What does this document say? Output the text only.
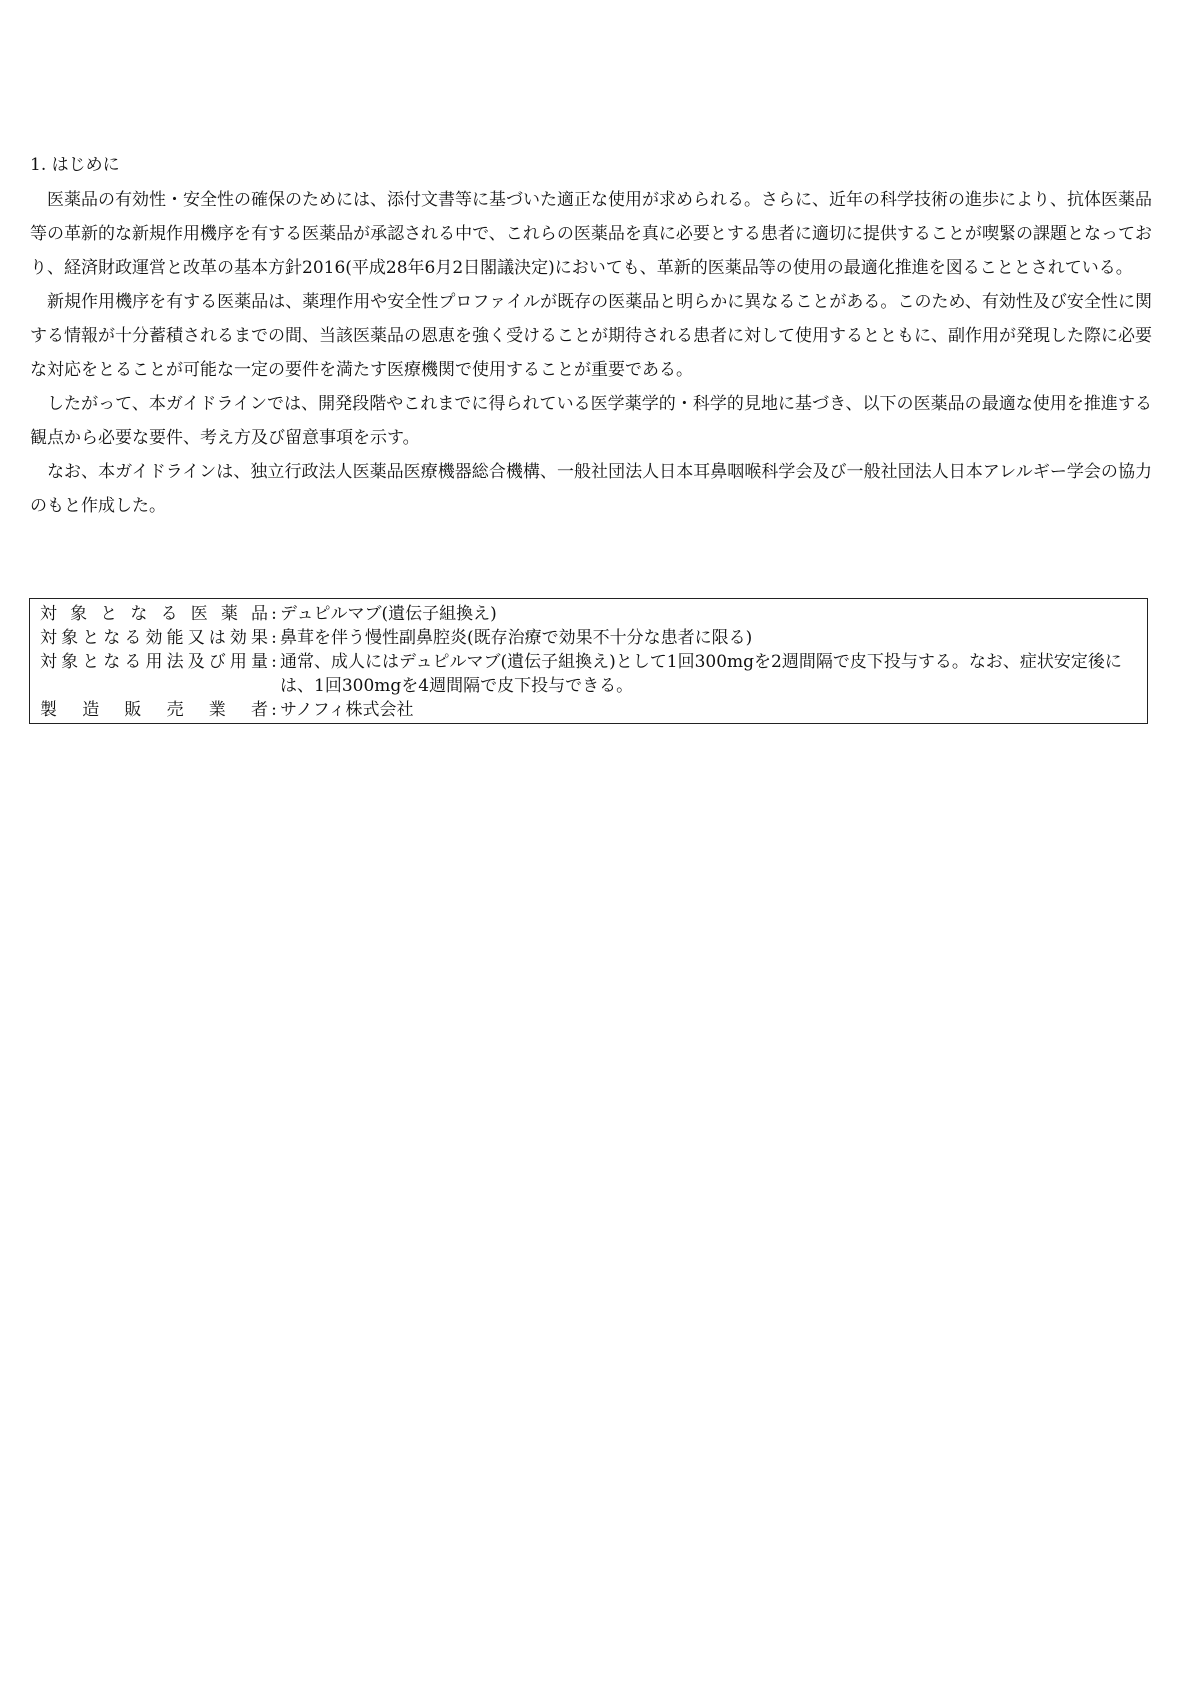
1. はじめに

医薬品の有効性・安全性の確保のためには、添付文書等に基づいた適正な使用が求められる。さらに、近年の科学技術の進歩により、抗体医薬品等の革新的な新規作用機序を有する医薬品が承認される中で、これらの医薬品を真に必要とする患者に適切に提供することが喫緊の課題となっており、経済財政運営と改革の基本方針2016(平成28年6月2日閣議決定)においても、革新的医薬品等の使用の最適化推進を図ることとされている。

新規作用機序を有する医薬品は、薬理作用や安全性プロファイルが既存の医薬品と明らかに異なることがある。このため、有効性及び安全性に関する情報が十分蓄積されるまでの間、当該医薬品の恩恵を強く受けることが期待される患者に対して使用するとともに、副作用が発現した際に必要な対応をとることが可能な一定の要件を満たす医療機関で使用することが重要である。

したがって、本ガイドラインでは、開発段階やこれまでに得られている医学薬学的・科学的見地に基づき、以下の医薬品の最適な使用を推進する観点から必要な要件、考え方及び留意事項を示す。

なお、本ガイドラインは、独立行政法人医薬品医療機器総合機構、一般社団法人日本耳鼻咽喉科学会及び一般社団法人日本アレルギー学会の協力のもと作成した。

対象となる医薬品 : デュピルマブ(遺伝子組換え)
対象となる効能又は効果 : 鼻茸を伴う慢性副鼻腔炎(既存治療で効果不十分な患者に限る)
対象となる用法及び用量 : 通常、成人にはデュピルマブ(遺伝子組換え)として1回300mgを2週間隔で皮下投与する。なお、症状安定後には、1回300mgを4週間隔で皮下投与できる。
製造販売業者 : サノフィ株式会社
